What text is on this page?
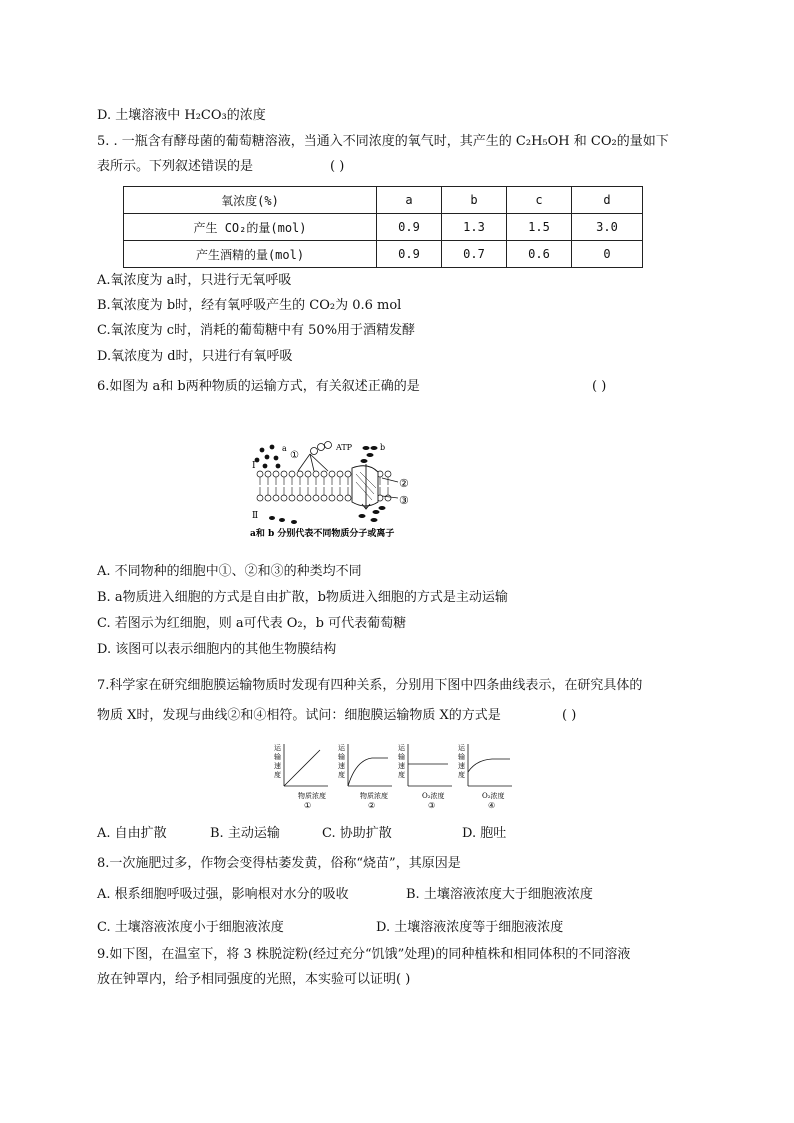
D. 土壤溶液中 H₂CO₃的浓度
5. . 一瓶含有酵母菌的葡萄糖溶液，当通入不同浓度的氧气时，其产生的 C₂H₅OH 和 CO₂的量如下
表所示。下列叙述错误的是	( )
氧浓度(%)	a	b	c	d
产生 CO₂的量(mol)	0.9	1.3	1.5	3.0
产生酒精的量(mol)	0.9	0.7	0.6	0
A.氧浓度为 a时，只进行无氧呼吸
B.氧浓度为 b时，经有氧呼吸产生的 CO₂为 0.6 mol
C.氧浓度为 c时，消耗的葡萄糖中有 50%用于酒精发酵
D.氧浓度为 d时，只进行有氧呼吸
6.如图为 a和 b两种物质的运输方式，有关叙述正确的是	( )
a
Ⅰ
Ⅱ
①
ATP	b
②
③
a和 b 分别代表不同物质分子或离子
A. 不同物种的细胞中①、②和③的种类均不同
B. a物质进入细胞的方式是自由扩散，b物质进入细胞的方式是主动运输
C. 若图示为红细胞，则 a可代表 O₂，b 可代表葡萄糖
D. 该图可以表示细胞内的其他生物膜结构
7.科学家在研究细胞膜运输物质时发现有四种关系，分别用下图中四条曲线表示，在研究具体的
物质 X时，发现与曲线②和④相符。试问：细胞膜运输物质 X的方式是	( )
运
输
速
度
物质浓度
①
运
输
速
度
物质浓度
②
运
输
速
度
O₂浓度
③
运
输
速
度
O₂浓度
④
A. 自由扩散	B. 主动运输	C. 协助扩散	D. 胞吐
8.一次施肥过多，作物会变得枯萎发黄，俗称“烧苗”，其原因是
A. 根系细胞呼吸过强，影响根对水分的吸收	B. 土壤溶液浓度大于细胞液浓度
C. 土壤溶液浓度小于细胞液浓度	D. 土壤溶液浓度等于细胞液浓度
9.如下图，在温室下，将 3 株脱淀粉(经过充分“饥饿”处理)的同种植株和相同体积的不同溶液
放在钟罩内，给予相同强度的光照，本实验可以证明( )
